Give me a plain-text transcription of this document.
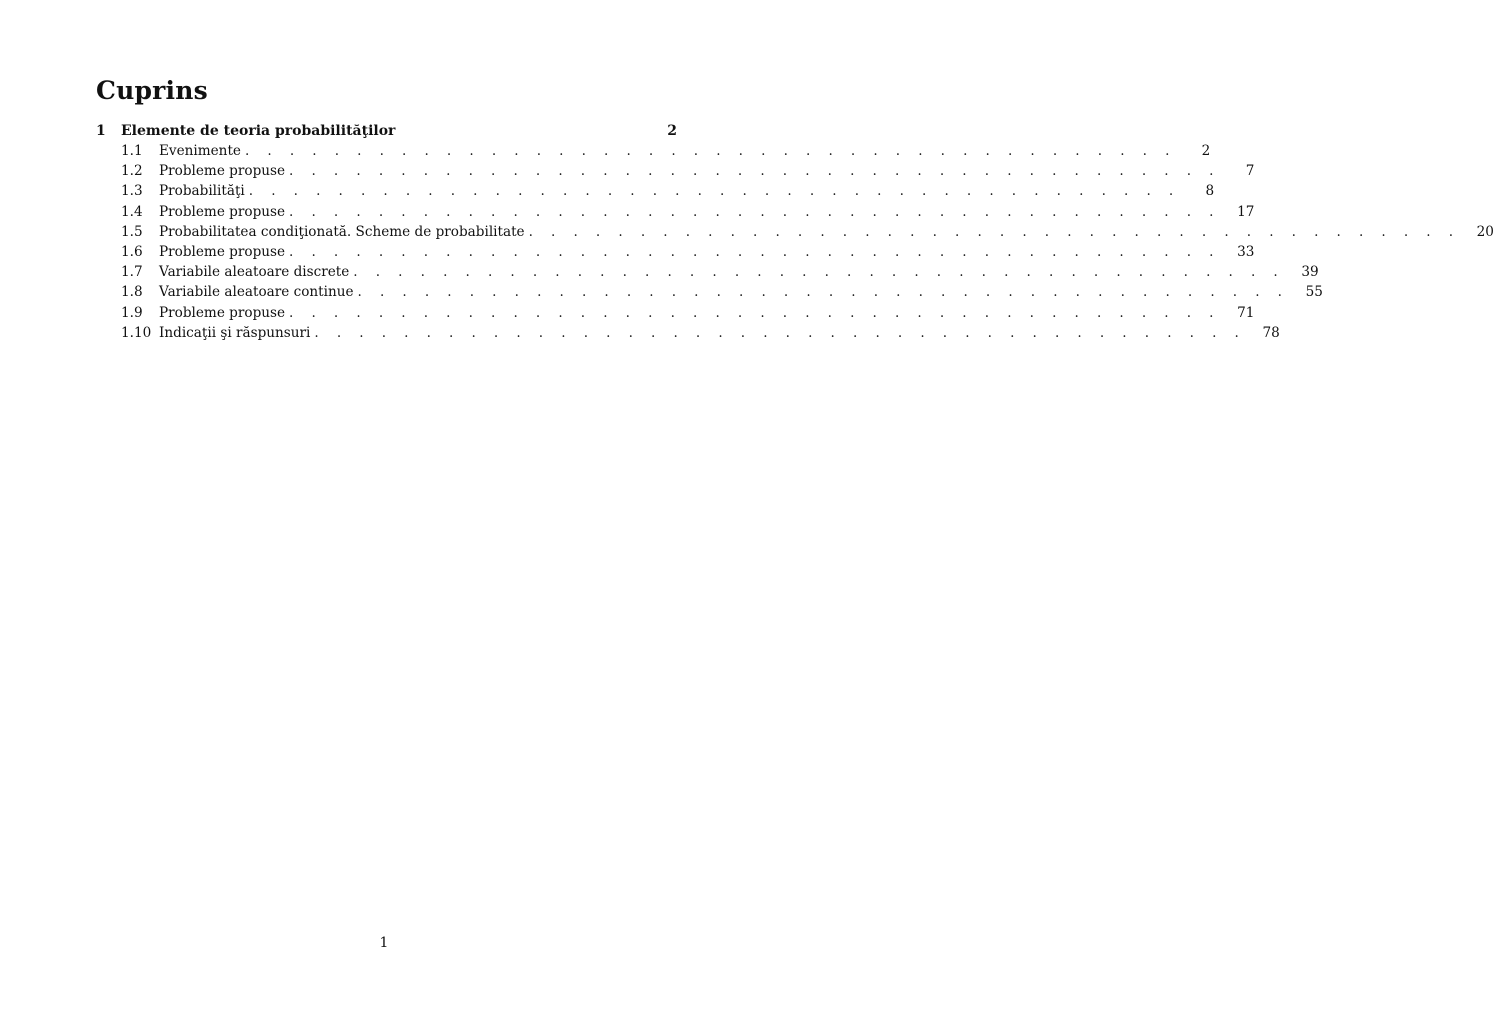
Cuprins
1	Elemente de teoria probabilităţilor	2
1.1	Evenimente . . . . . . . . . . . . . . . . . . . . . . . . . . . . . . . . . . . . . . . . . .	2
1.2	Probleme propuse . . . . . . . . . . . . . . . . . . . . . . . . . . . . . . . . . . . . . . . . . .	7
1.3	Probabilităţi . . . . . . . . . . . . . . . . . . . . . . . . . . . . . . . . . . . . . . . . . .	8
1.4	Probleme propuse . . . . . . . . . . . . . . . . . . . . . . . . . . . . . . . . . . . . . . . . . .	17
1.5	Probabilitatea condiţionată. Scheme de probabilitate . . . . . . . . . . . . . . . . . . . . . . . . . . . . . . . . . . . . . . . . . .	20
1.6	Probleme propuse . . . . . . . . . . . . . . . . . . . . . . . . . . . . . . . . . . . . . . . . . .	33
1.7	Variabile aleatoare discrete . . . . . . . . . . . . . . . . . . . . . . . . . . . . . . . . . . . . . . . . . .	39
1.8	Variabile aleatoare continue . . . . . . . . . . . . . . . . . . . . . . . . . . . . . . . . . . . . . . . . . .	55
1.9	Probleme propuse . . . . . . . . . . . . . . . . . . . . . . . . . . . . . . . . . . . . . . . . . .	71
1.10 Indicaţii şi răspunsuri . . . . . . . . . . . . . . . . . . . . . . . . . . . . . . . . . . . . . . . . . .	78
1
